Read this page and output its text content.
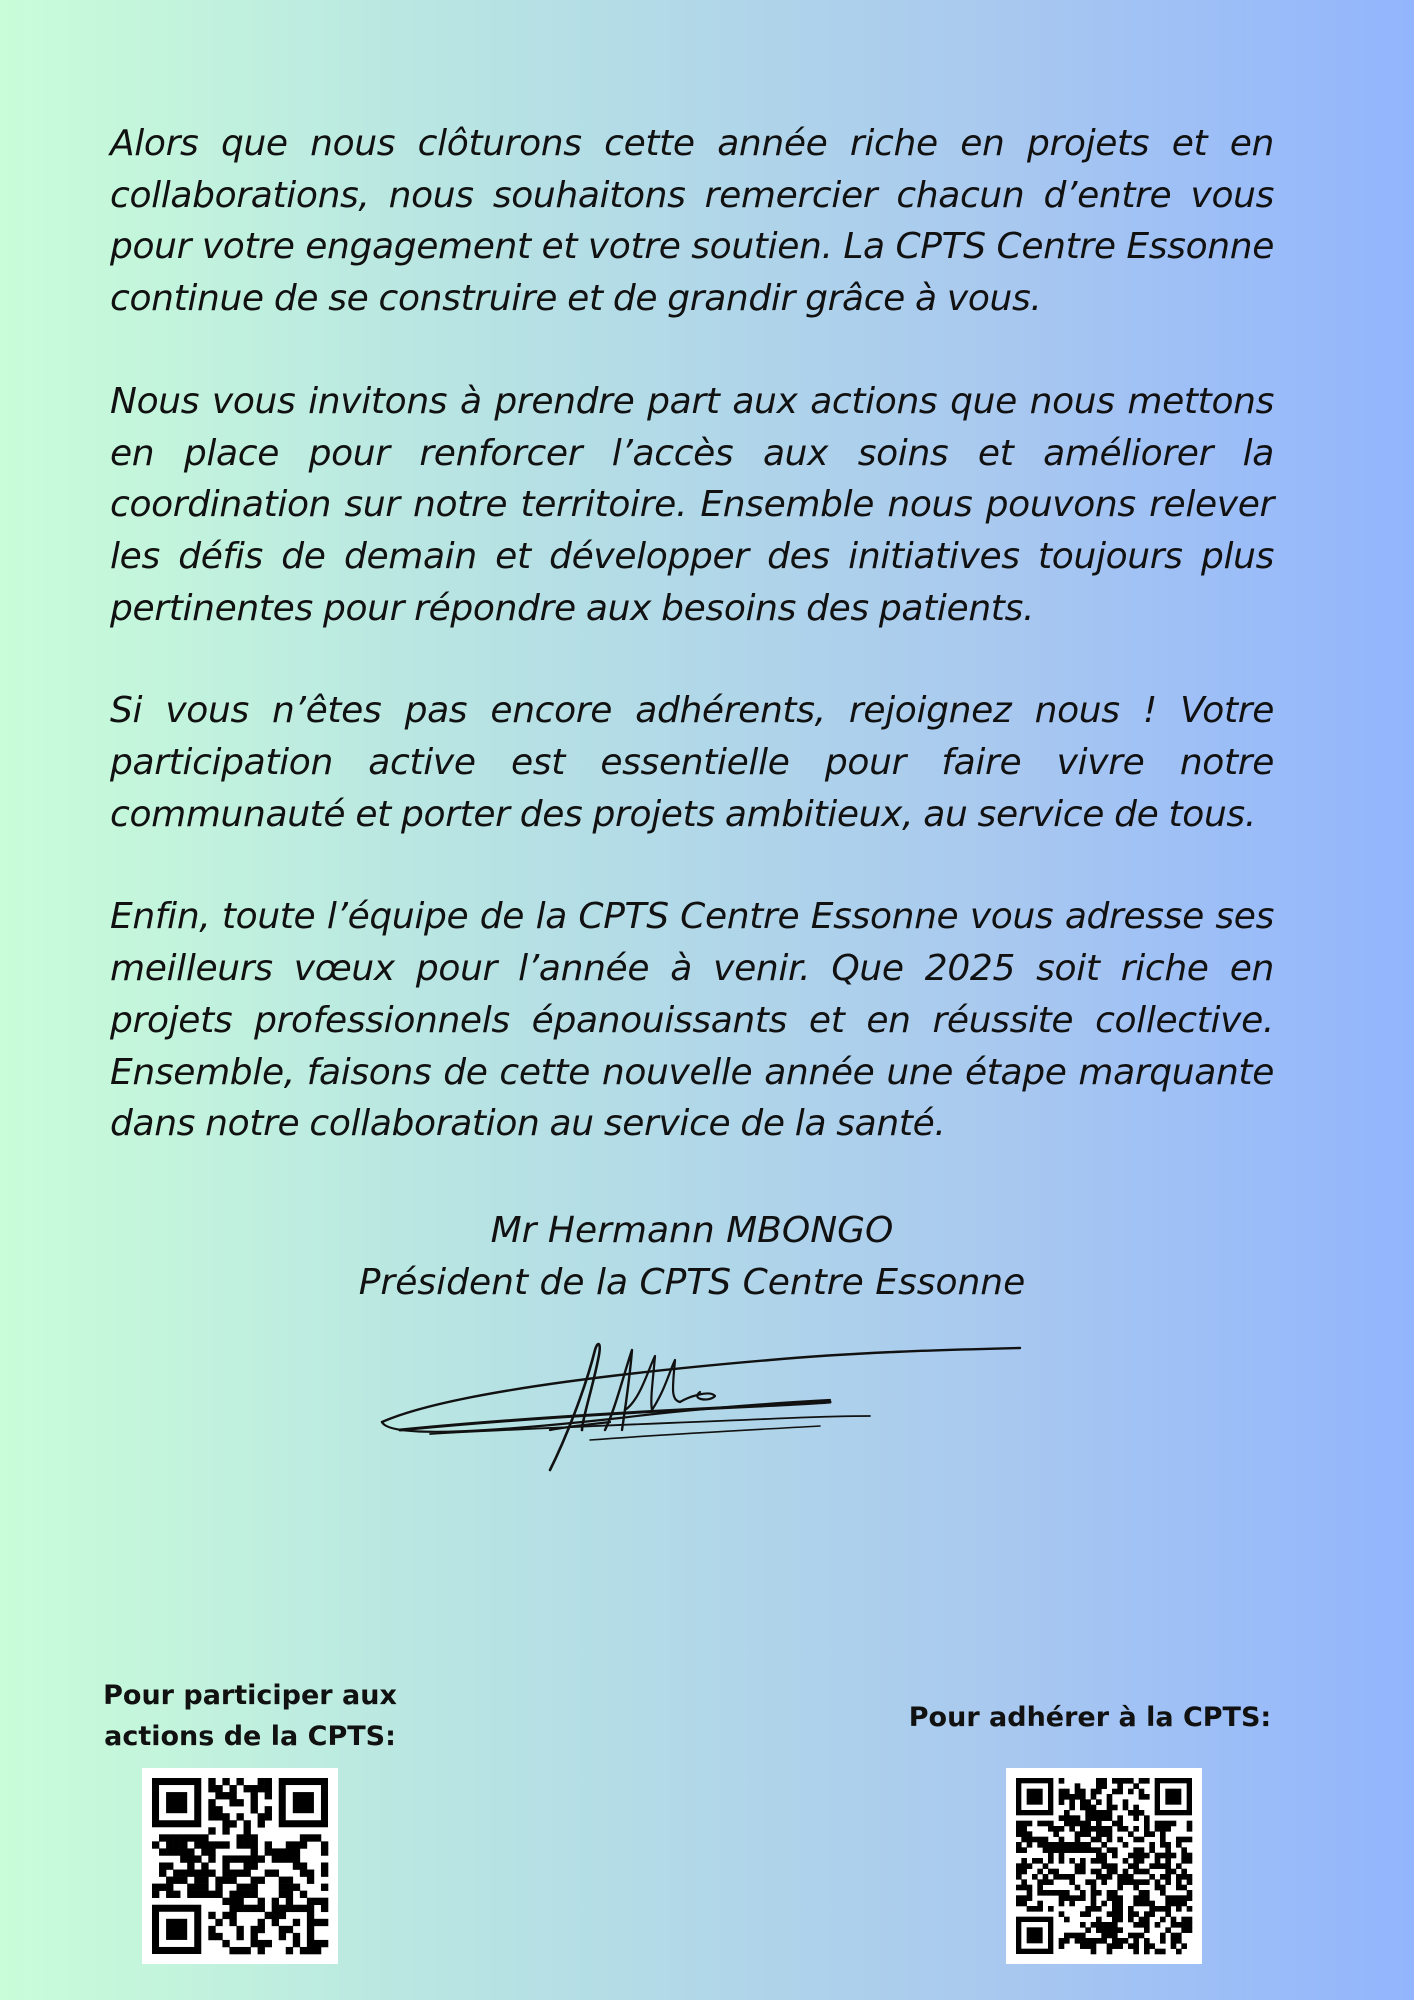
Alors que nous clôturons cette année riche en projets et en collaborations, nous souhaitons remercier chacun d’entre vous pour votre engagement et votre soutien. La CPTS Centre Essonne continue de se construire et de grandir grâce à vous.

Nous vous invitons à prendre part aux actions que nous mettons en place pour renforcer l’accès aux soins et améliorer la coordination sur notre territoire. Ensemble nous pouvons relever les défis de demain et développer des initiatives toujours plus pertinentes pour répondre aux besoins des patients.

Si vous n’êtes pas encore adhérents, rejoignez nous ! Votre participation active est essentielle pour faire vivre notre communauté et porter des projets ambitieux, au service de tous.

Enfin, toute l’équipe de la CPTS Centre Essonne vous adresse ses meilleurs vœux pour l’année à venir. Que 2025 soit riche en projets professionnels épanouissants et en réussite collective. Ensemble, faisons de cette nouvelle année une étape marquante dans notre collaboration au service de la santé.

Mr Hermann MBONGO
Président de la CPTS Centre Essonne
Pour participer aux
actions de la CPTS:
Pour adhérer à la CPTS:
